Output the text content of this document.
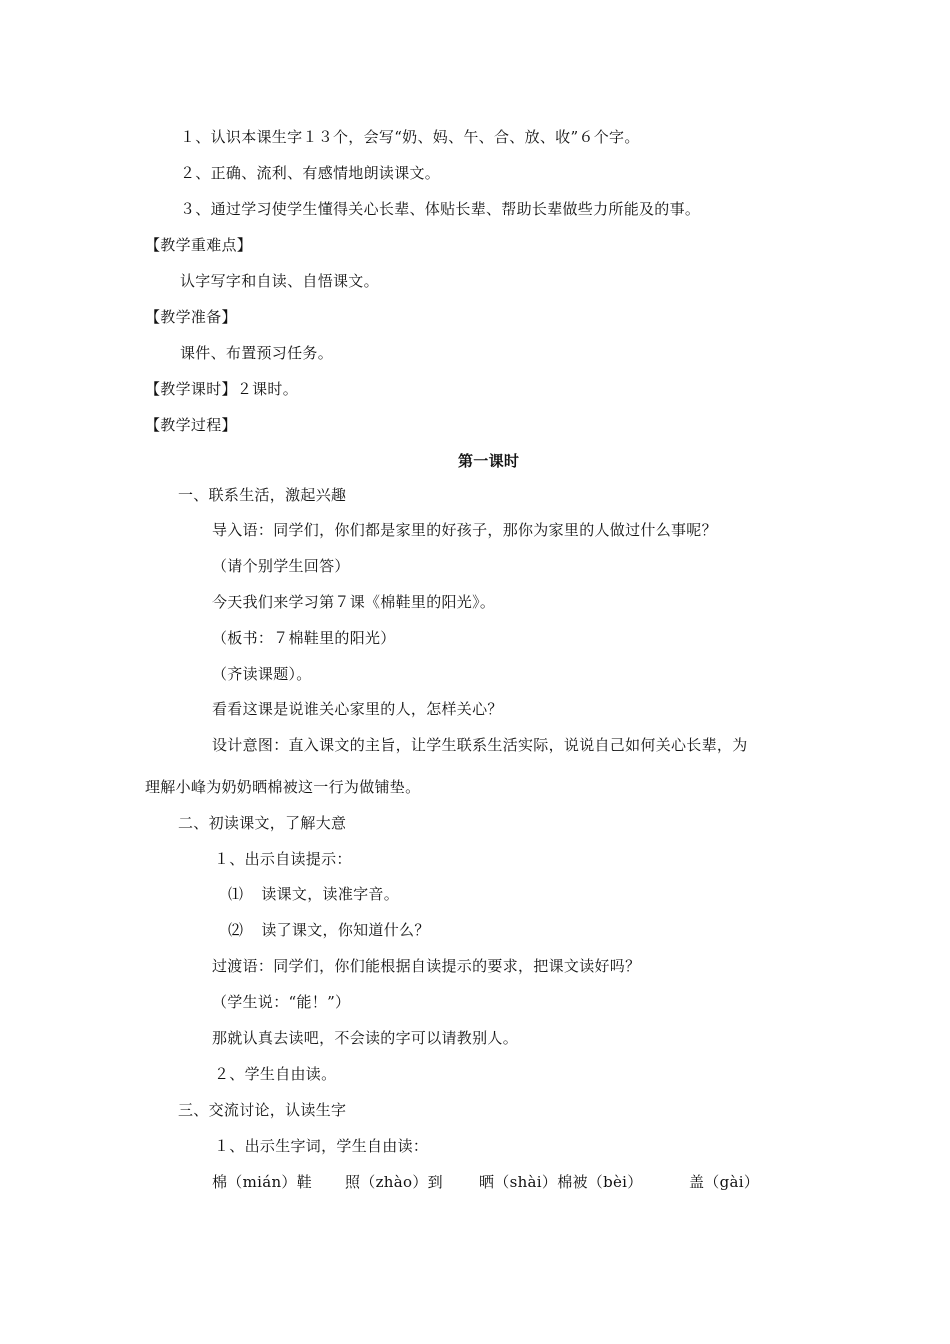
１、认识本课生字１３个，会写“奶、妈、午、合、放、收”６个字。
２、正确、流利、有感情地朗读课文。
３、通过学习使学生懂得关心长辈、体贴长辈、帮助长辈做些力所能及的事。
【教学重难点】
认字写字和自读、自悟课文。
【教学准备】
课件、布置预习任务。
【教学课时】２课时。
【教学过程】
第一课时
一、联系生活，激起兴趣
导入语：同学们，你们都是家里的好孩子，那你为家里的人做过什么事呢？
（请个别学生回答）
今天我们来学习第７课《棉鞋里的阳光》。
（板书：７棉鞋里的阳光）
（齐读课题）。
看看这课是说谁关心家里的人，怎样关心？
设计意图：直入课文的主旨，让学生联系生活实际，说说自己如何关心长辈，为
理解小峰为奶奶晒棉被这一行为做铺垫。
二、初读课文，了解大意
１、出示自读提示：
⑴ 读课文，读准字音。
⑵ 读了课文，你知道什么？
过渡语：同学们，你们能根据自读提示的要求，把课文读好吗？
（学生说：“能！”）
那就认真去读吧，不会读的字可以请教别人。
２、学生自由读。
三、交流讨论，认读生字
１、出示生字词，学生自由读：
棉（mián）鞋 照（zhào）到 晒（shài）棉被（bèi）	盖（gài）
